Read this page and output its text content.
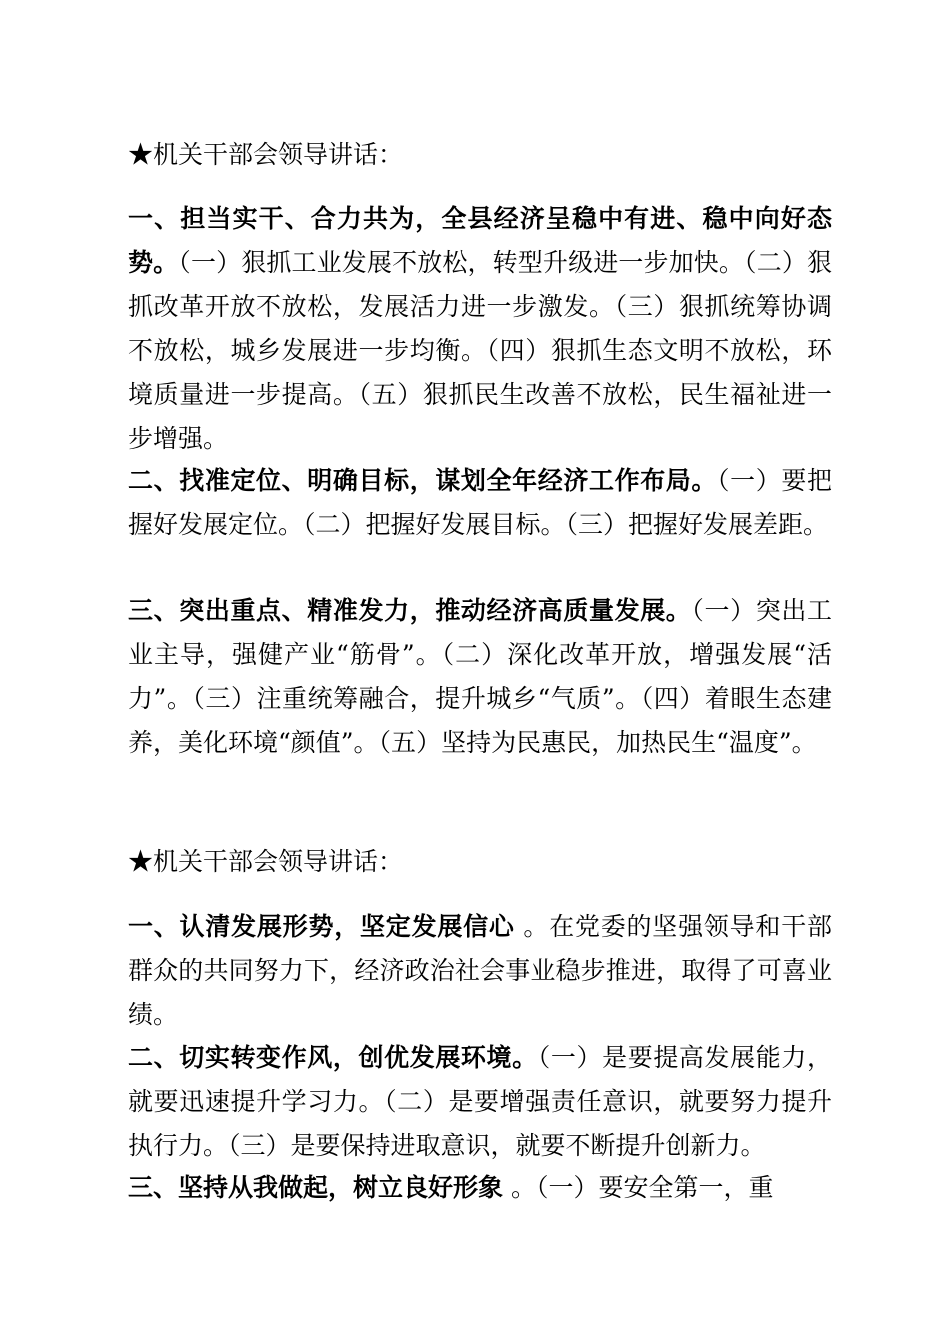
★机关干部会领导讲话：
一、担当实干、合力共为，全县经济呈稳中有进、稳中向好态势。（一）狠抓工业发展不放松，转型升级进一步加快。（二）狠抓改革开放不放松，发展活力进一步激发。（三）狠抓统筹协调不放松，城乡发展进一步均衡。（四）狠抓生态文明不放松，环境质量进一步提高。（五）狠抓民生改善不放松，民生福祉进一步增强。
二、找准定位、明确目标，谋划全年经济工作布局。（一）要把握好发展定位。（二）把握好发展目标。（三）把握好发展差距。
三、突出重点、精准发力，推动经济高质量发展。（一）突出工业主导，强健产业“筋骨”。（二）深化改革开放，增强发展“活力”。（三）注重统筹融合，提升城乡“气质”。（四）着眼生态建养，美化环境“颜值”。（五）坚持为民惠民，加热民生“温度”。
★机关干部会领导讲话：
一、认清发展形势，坚定发展信心 。在党委的坚强领导和干部群众的共同努力下，经济政治社会事业稳步推进，取得了可喜业绩。
二、切实转变作风，创优发展环境。（一）是要提高发展能力，就要迅速提升学习力。（二）是要增强责任意识，就要努力提升执行力。（三）是要保持进取意识，就要不断提升创新力。
三、坚持从我做起，树立良好形象 。（一）要安全第一，重
